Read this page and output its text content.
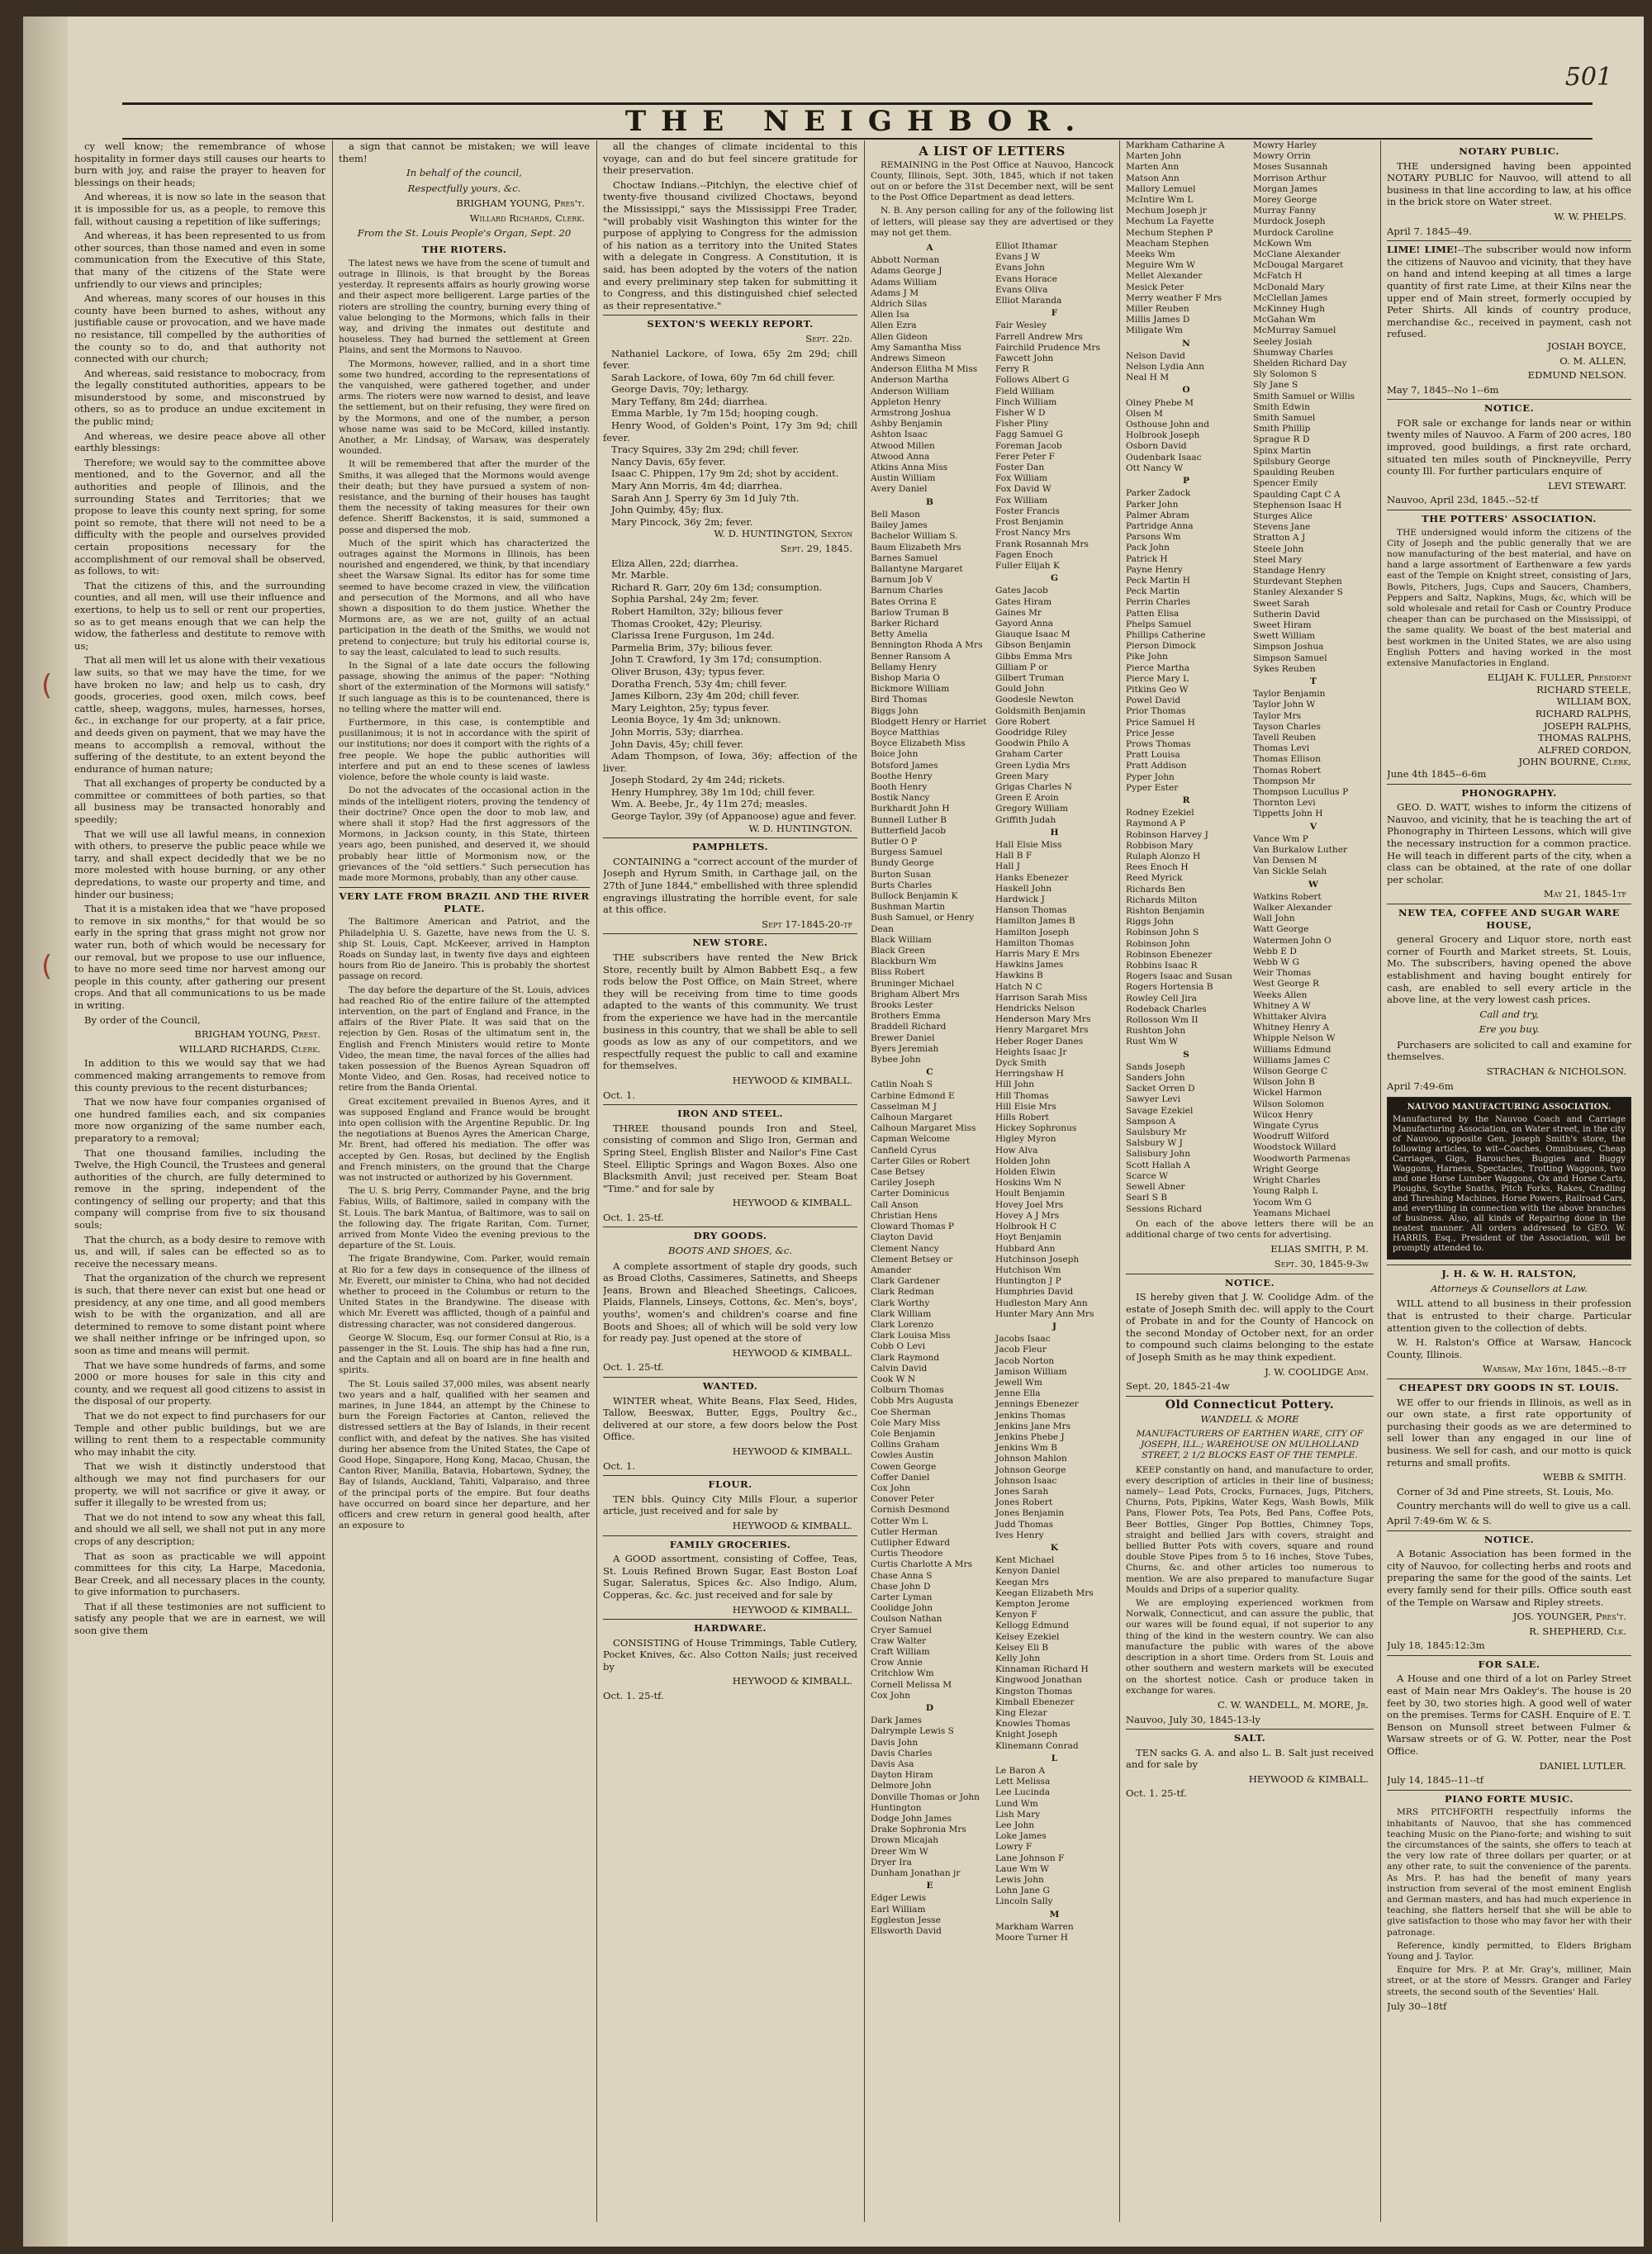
501
THE NEIGHBOR.
(
(

cy well know; the remembrance of whose hospitality in former days still causes our hearts to burn with joy, and raise the prayer to heaven for blessings on their heads;

And whereas, it is now so late in the season that it is impossible for us, as a people, to remove this fall, without causing a repetition of like sufferings;

And whereas, it has been represented to us from other sources, than those named and even in some communication from the Executive of this State, that many of the citizens of the State were unfriendly to our views and principles;

And whereas, many scores of our houses in this county have been burned to ashes, without any justifiable cause or provocation, and we have made no resistance, till compelled by the authorities of the county so to do, and that authority not connected with our church;

And whereas, said resistance to mobocracy, from the legally constituted authorities, appears to be misunderstood by some, and misconstrued by others, so as to produce an undue excitement in the public mind;

And whereas, we desire peace above all other earthly blessings:

Therefore; we would say to the committee above mentioned, and to the Governor, and all the authorities and people of Illinois, and the surrounding States and Territories; that we propose to leave this county next spring, for some point so remote, that there will not need to be a difficulty with the people and ourselves provided certain propositions necessary for the accomplishment of our removal shall be observed, as follows, to wit:

That the citizens of this, and the surrounding counties, and all men, will use their influence and exertions, to help us to sell or rent our properties, so as to get means enough that we can help the widow, the fatherless and destitute to remove with us;

That all men will let us alone with their vexatious law suits, so that we may have the time, for we have broken no law; and help us to cash, dry goods, groceries, good oxen, milch cows, beef cattle, sheep, waggons, mules, harnesses, horses, &c., in exchange for our property, at a fair price, and deeds given on payment, that we may have the means to accomplish a removal, without the suffering of the destitute, to an extent beyond the endurance of human nature;

That all exchanges of property be conducted by a committee or committees of both parties, so that all business may be transacted honorably and speedily;

That we will use all lawful means, in connexion with others, to preserve the public peace while we tarry, and shall expect decidedly that we be no more molested with house burning, or any other depredations, to waste our property and time, and hinder our business;

That it is a mistaken idea that we "have proposed to remove in six months," for that would be so early in the spring that grass might not grow nor water run, both of which would be necessary for our removal, but we propose to use our influence, to have no more seed time nor harvest among our people in this county, after gathering our present crops. And that all communications to us be made in writing.

By order of the Council,

BRIGHAM YOUNG, Prest.
WILLARD RICHARDS, Clerk.

In addition to this we would say that we had commenced making arrangements to remove from this county previous to the recent disturbances;

That we now have four companies organised of one hundred families each, and six companies more now organizing of the same number each, preparatory to a removal;

That one thousand families, including the Twelve, the High Council, the Trustees and general authorities of the church, are fully determined to remove in the spring, independent of the contingency of selling our property; and that this company will comprise from five to six thousand souls;

That the church, as a body desire to remove with us, and will, if sales can be effected so as to receive the necessary means.

That the organization of the church we represent is such, that there never can exist but one head or presidency, at any one time, and all good members wish to be with the organization, and all are determined to remove to some distant point where we shall neither infringe or be infringed upon, so soon as time and means will permit.

That we have some hundreds of farms, and some 2000 or more houses for sale in this city and county, and we request all good citizens to assist in the disposal of our property.

That we do not expect to find purchasers for our Temple and other public buildings, but we are willing to rent them to a respectable community who may inhabit the city.

That we wish it distinctly understood that although we may not find purchasers for our property, we will not sacrifice or give it away, or suffer it illegally to be wrested from us;

That we do not intend to sow any wheat this fall, and should we all sell, we shall not put in any more crops of any description;

That as soon as practicable we will appoint committees for this city, La Harpe, Macedonia, Bear Creek, and all necessary places in the county, to give information to purchasers.

That if all these testimonies are not sufficient to satisfy any people that we are in earnest, we will soon give them

a sign that cannot be mistaken; we will leave them!

In behalf of the council,
Respectfully yours, &c.
BRIGHAM YOUNG, Pres't.
Willard Richards, Clerk.
From the St. Louis People's Organ, Sept. 20
THE RIOTERS.

The latest news we have from the scene of tumult and outrage in Illinois, is that brought by the Boreas yesterday. It represents affairs as hourly growing worse and their aspect more belligerent. Large parties of the rioters are strolling the country, burning every thing of value belonging to the Mormons, which falls in their way, and driving the inmates out destitute and houseless. They had burned the settlement at Green Plains, and sent the Mormons to Nauvoo.

The Mormons, however, rallied, and in a short time some two hundred, according to the representations of the vanquished, were gathered together, and under arms. The rioters were now warned to desist, and leave the settlement, but on their refusing, they were fired on by the Mormons, and one of the number, a person whose name was said to be McCord, killed instantly. Another, a Mr. Lindsay, of Warsaw, was desperately wounded.

It will be remembered that after the murder of the Smiths, it was alleged that the Mormons would avenge their death; but they have pursued a system of non-resistance, and the burning of their houses has taught them the necessity of taking measures for their own defence. Sheriff Backenstos, it is said, summoned a posse and dispersed the mob.

Much of the spirit which has characterized the outrages against the Mormons in Illinois, has been nourished and engendered, we think, by that incendiary sheet the Warsaw Signal. Its editor has for some time seemed to have become crazed in view, the vilification and persecution of the Mormons, and all who have shown a disposition to do them justice. Whether the Mormons are, as we are not, guilty of an actual participation in the death of the Smiths, we would not pretend to conjecture; but truly his editorial course is, to say the least, calculated to lead to such results.

In the Signal of a late date occurs the following passage, showing the animus of the paper: "Nothing short of the extermination of the Mormons will satisfy." If such language as this is to be countenanced, there is no telling where the matter will end.

Furthermore, in this case, is contemptible and pusillanimous; it is not in accordance with the spirit of our institutions; nor does it comport with the rights of a free people. We hope the public authorities will interfere and put an end to these scenes of lawless violence, before the whole county is laid waste.

Do not the advocates of the occasional action in the minds of the intelligent rioters, proving the tendency of their doctrine? Once open the door to mob law, and where shall it stop? Had the first aggressors of the Mormons, in Jackson county, in this State, thirteen years ago, been punished, and deserved it, we should probably hear little of Mormonism now, or the grievances of the "old settlers." Such persecution has made more Mormons, probably, than any other cause.

VERY LATE FROM BRAZIL AND THE RIVER PLATE.

The Baltimore American and Patriot, and the Philadelphia U. S. Gazette, have news from the U. S. ship St. Louis, Capt. McKeever, arrived in Hampton Roads on Sunday last, in twenty five days and eighteen hours from Rio de Janeiro. This is probably the shortest passage on record.

The day before the departure of the St. Louis, advices had reached Rio of the entire failure of the attempted intervention, on the part of England and France, in the affairs of the River Plate. It was said that on the rejection by Gen. Rosas of the ultimatum sent in, the English and French Ministers would retire to Monte Video, the mean time, the naval forces of the allies had taken possession of the Buenos Ayrean Squadron off Monte Video, and Gen. Rosas, had received notice to retire from the Banda Oriental.

Great excitement prevailed in Buenos Ayres, and it was supposed England and France would be brought into open collision with the Argentine Republic. Dr. Ing the negotiations at Buenos Ayres the American Charge, Mr. Brent, had offered his mediation. The offer was accepted by Gen. Rosas, but declined by the English and French ministers, on the ground that the Charge was not instructed or authorized by his Government.

The U. S. brig Perry, Commander Payne, and the brig Fabius, Wills, of Baltimore, sailed in company with the St. Louis. The bark Mantua, of Baltimore, was to sail on the following day. The frigate Raritan, Com. Turner, arrived from Monte Video the evening previous to the departure of the St. Louis.

The frigate Brandywine, Com. Parker, would remain at Rio for a few days in consequence of the illness of Mr. Everett, our minister to China, who had not decided whether to proceed in the Columbus or return to the United States in the Brandywine. The disease with which Mr. Everett was afflicted, though of a painful and distressing character, was not considered dangerous.

George W. Slocum, Esq. our former Consul at Rio, is a passenger in the St. Louis. The ship has had a fine run, and the Captain and all on board are in fine health and spirits.

The St. Louis sailed 37,000 miles, was absent nearly two years and a half, qualified with her seamen and marines, in June 1844, an attempt by the Chinese to burn the Foreign Factories at Canton, relieved the distressed settlers at the Bay of Islands, in their recent conflict with, and defeat by the natives. She has visited during her absence from the United States, the Cape of Good Hope, Singapore, Hong Kong, Macao, Chusan, the Canton River, Manilla, Batavia, Hobartown, Sydney, the Bay of Islands, Auckland, Tahiti, Valparaiso, and three of the principal ports of the empire. But four deaths have occurred on board since her departure, and her officers and crew return in general good health, after an exposure to

all the changes of climate incidental to this voyage, can and do but feel sincere gratitude for their preservation.

Choctaw Indians.--Pitchlyn, the elective chief of twenty-five thousand civilized Choctaws, beyond the Mississippi," says the Mississippi Free Trader, "will probably visit Washington this winter for the purpose of applying to Congress for the admission of his nation as a territory into the United States with a delegate in Congress. A Constitution, it is said, has been adopted by the voters of the nation and every preliminary step taken for submitting it to Congress, and this distinguished chief selected as their representative."

SEXTON'S WEEKLY REPORT.
Sept. 22d.
Nathaniel Lackore, of Iowa, 65y 2m 29d; chill fever.
Sarah Lackore, of Iowa, 60y 7m 6d chill fever.
George Davis, 70y; lethargy.
Mary Teffany, 8m 24d; diarrhea.
Emma Marble, 1y 7m 15d; hooping cough.
Henry Wood, of Golden's Point, 17y 3m 9d; chill fever.
Tracy Squires, 33y 2m 29d; chill fever.
Nancy Davis, 65y fever.
Isaac C. Phippen, 17y 9m 2d; shot by accident.
Mary Ann Morris, 4m 4d; diarrhea.
Sarah Ann J. Sperry 6y 3m 1d July 7th.
John Quimby, 45y; flux.
Mary Pincock, 36y 2m; fever.
W. D. HUNTINGTON, Sexton
Sept. 29, 1845.
Eliza Allen, 22d; diarrhea.
Mr. Marble.
Richard R. Garr, 20y 6m 13d; consumption.
Sophia Parshal, 24y 2m; fever.
Robert Hamilton, 32y; bilious fever
Thomas Crooket, 42y; Pleurisy.
Clarissa Irene Furguson, 1m 24d.
Parmelia Brim, 37y; bilious fever.
John T. Crawford, 1y 3m 17d; consumption.
Oliver Bruson, 43y; typus fever.
Doratha French, 53y 4m; chill fever.
James Kilborn, 23y 4m 20d; chill fever.
Mary Leighton, 25y; typus fever.
Leonia Boyce, 1y 4m 3d; unknown.
John Morris, 53y; diarrhea.
John Davis, 45y; chill fever.
Adam Thompson, of Iowa, 36y; affection of the liver.
Joseph Stodard, 2y 4m 24d; rickets.
Henry Humphrey, 38y 1m 10d; chill fever.
Wm. A. Beebe, Jr., 4y 11m 27d; measles.
George Taylor, 39y (of Appanoose) ague and fever.
W. D. HUNTINGTON.
PAMPHLETS.

CONTAINING a "correct account of the murder of Joseph and Hyrum Smith, in Carthage jail, on the 27th of June 1844," embellished with three splendid engravings illustrating the horrible event, for sale at this office.

Sept 17-1845-20-tf
NEW STORE.

THE subscribers have rented the New Brick Store, recently built by Almon Babbett Esq., a few rods below the Post Office, on Main Street, where they will be receiving from time to time goods adapted to the wants of this community. We trust from the experience we have had in the mercantile business in this country, that we shall be able to sell goods as low as any of our competitors, and we respectfully request the public to call and examine for themselves.

HEYWOOD & KIMBALL.
Oct. 1.
IRON AND STEEL.

THREE thousand pounds Iron and Steel, consisting of common and Sligo Iron, German and Spring Steel, English Blister and Nailor's Fine Cast Steel. Elliptic Springs and Wagon Boxes. Also one Blacksmith Anvil; just received per. Steam Boat "Time." and for sale by

HEYWOOD & KIMBALL.
Oct. 1. 25-tf.
DRY GOODS.
BOOTS AND SHOES, &c.

A complete assortment of staple dry goods, such as Broad Cloths, Cassimeres, Satinetts, and Sheeps Jeans, Brown and Bleached Sheetings, Calicoes, Plaids, Flannels, Linseys, Cottons, &c. Men's, boys', youths', women's and children's coarse and fine Boots and Shoes; all of which will be sold very low for ready pay. Just opened at the store of

HEYWOOD & KIMBALL.
Oct. 1. 25-tf.
WANTED.

WINTER wheat, White Beans, Flax Seed, Hides, Tallow, Beeswax, Butter, Eggs, Poultry &c., delivered at our store, a few doors below the Post Office.

HEYWOOD & KIMBALL.
Oct. 1.
FLOUR.

TEN bbls. Quincy City Mills Flour, a superior article, just received and for sale by

HEYWOOD & KIMBALL.
FAMILY GROCERIES.

A GOOD assortment, consisting of Coffee, Teas, St. Louis Refined Brown Sugar, East Boston Loaf Sugar, Saleratus, Spices &c. Also Indigo, Alum, Copperas, &c. &c. just received and for sale by

HEYWOOD & KIMBALL.
HARDWARE.

CONSISTING of House Trimmings, Table Cutlery, Pocket Knives, &c. Also Cotton Nails; just received by

HEYWOOD & KIMBALL.
Oct. 1. 25-tf.
A LIST OF LETTERS

REMAINING in the Post Office at Nauvoo, Hancock County, Illinois, Sept. 30th, 1845, which if not taken out on or before the 31st December next, will be sent to the Post Office Department as dead letters.

N. B. Any person calling for any of the following list of letters, will please say they are advertised or they may not get them.

A
Abbott Norman
Adams George J
Adams William
Adams J M
Aldrich Silas
Allen Isa
Allen Ezra
Allen Gideon
Amy Samantha Miss
Andrews Simeon
Anderson Elitha M Miss
Anderson Martha
Anderson William
Appleton Henry
Armstrong Joshua
Ashby Benjamin
Ashton Isaac
Atwood Millen
Atwood Anna
Atkins Anna Miss
Austin William
Avery Daniel
B
Bell Mason
Bailey James
Bachelor William S.
Baum Elizabeth Mrs
Barnes Samuel
Ballantyne Margaret
Barnum Job V
Barnum Charles
Bates Orrina E
Barlow Truman B
Barker Richard
Betty Amelia
Bennington Rhoda A Mrs
Benner Ransom A
Bellamy Henry
Bishop Maria O
Bickmore William
Bird Thomas
Biggs John
Blodgett Henry or Harriet
Boyce Matthias
Boyce Elizabeth Miss
Boice John
Botsford James
Boothe Henry
Booth Henry
Bostik Nancy
Burkhardt John H
Bunnell Luther B
Butterfield Jacob
Butler O P
Burgess Samuel
Bundy George
Burton Susan
Burts Charles
Bullock Benjamin K
Bushman Martin
Bush Samuel, or Henry
Dean
Black William
Black Green
Blackburn Wm
Bliss Robert
Bruninger Michael
Brigham Albert Mrs
Brooks Lester
Brothers Emma
Braddell Richard
Brewer Daniel
Byers Jeremiah
Bybee John
C
Catlin Noah S
Carbine Edmond E
Casselman M J
Calhoun Margaret
Calhoun Margaret Miss
Capman Welcome
Canfield Cyrus
Carter Giles or Robert
Case Betsey
Cariley Joseph
Carter Dominicus
Call Anson
Christian Hens
Cloward Thomas P
Clayton David
Clement Nancy
Clement Betsey or Amander
Clark Gardener
Clark Redman
Clark Worthy
Clark William
Clark Lorenzo
Clark Louisa Miss
Cobb O Levi
Clark Raymond
Calvin David
Cook W N
Colburn Thomas
Cobb Mrs Augusta
Coe Sherman
Cole Mary Miss
Cole Benjamin
Collins Graham
Cowles Austin
Cowen George
Coffer Daniel
Cox John
Conover Peter
Cornish Desmond
Cotter Wm L
Cutler Herman
Cutlipher Edward
Curtis Theodore
Curtis Charlotte A Mrs
Chase Anna S
Chase John D
Carter Lyman
Coolidge John
Coulson Nathan
Cryer Samuel
Craw Walter
Craft William
Crow Annie
Critchlow Wm
Cornell Melissa M
Cox John
D
Dark James
Dalrymple Lewis S
Davis John
Davis Charles
Davis Asa
Dayton Hiram
Delmore John
Donville Thomas or John Huntington
Dodge John James
Drake Sophronia Mrs
Drown Micajah
Dreer Wm W
Dryer Ira
Dunham Jonathan jr
E
Edger Lewis
Earl William
Eggleston Jesse
Ellsworth David
Elliot Ithamar
Evans J W
Evans John
Evans Horace
Evans Oliva
Elliot Maranda
F
Fair Wesley
Farrell Andrew Mrs
Fairchild Prudence Mrs
Fawcett John
Ferry R
Follows Albert G
Field William
Finch William
Fisher W D
Fisher Pliny
Fagg Samuel G
Foreman Jacob
Ferer Peter F
Foster Dan
Fox William
Fox David W
Fox William
Foster Francis
Frost Benjamin
Frost Nancy Mrs
Frank Rosannah Mrs
Fagen Enoch
Fuller Elijah K
G
Gates Jacob
Gates Hiram
Gaines Mr
Gayord Anna
Giauque Isaac M
Gibson Benjamin
Gibbs Emma Mrs
Gilliam P or
Gilbert Truman
Gould John
Goodesle Newton
Goldsmith Benjamin
Gore Robert
Goodridge Riley
Goodwin Philo A
Graham Carter
Green Lydia Mrs
Green Mary
Grigas Charles N
Green E Aroin
Gregory William
Griffith Judah
H
Hall Elsie Miss
Hall B F
Hall J
Hanks Ebenezer
Haskell John
Hardwick J
Hanson Thomas
Hamilton James B
Hamilton Joseph
Hamilton Thomas
Harris Mary E Mrs
Hawkins James
Hawkins B
Hatch N C
Harrison Sarah Miss
Hendricks Nelson
Henderson Mary Mrs
Henry Margaret Mrs
Heber Roger Danes
Heights Isaac Jr
Dyck Smith
Herringshaw H
Hill John
Hill Thomas
Hill Elsie Mrs
Hills Robert
Hickey Sophronus
Higley Myron
How Alva
Holden John
Holden Elwin
Hoskins Wm N
Hoult Benjamin
Hovey Joel Mrs
Hovey A J Mrs
Holbrook H C
Hoyt Benjamin
Hubbard Ann
Hutchinson Joseph
Hutchison Wm
Huntington J P
Humphries David
Hudleston Mary Ann
Hunter Mary Ann Mrs
J
Jacobs Isaac
Jacob Fleur
Jacob Norton
Jamison William
Jewell Wm
Jenne Ella
Jennings Ebenezer
Jenkins Thomas
Jenkins Jane Mrs
Jenkins Phebe J
Jenkins Wm B
Johnson Mahlon
Johnson George
Johnson Isaac
Jones Sarah
Jones Robert
Jones Benjamin
Judd Thomas
Ives Henry
K
Kent Michael
Kenyon Daniel
Keegan Mrs
Keegan Elizabeth Mrs
Kempton Jerome
Kenyon F
Kellogg Edmund
Kelsey Ezekiel
Kelsey Eli B
Kelly John
Kinnaman Richard H
Kingwood Jonathan
Kingston Thomas
Kimball Ebenezer
King Elezar
Knowles Thomas
Knight Joseph
Klinemann Conrad
L
Le Baron A
Lett Melissa
Lee Lucinda
Lund Wm
Lish Mary
Lee John
Loke James
Lowry F
Lane Johnson F
Laue Wm W
Lewis John
Lohn Jane G
Lincoln Sally
M
Markham Warren
Moore Turner H
Markham Catharine A
Marten John
Marten Ann
Matson Ann
Mallory Lemuel
McIntire Wm L
Mechum Joseph jr
Mechum La Fayette
Mechum Stephen P
Meacham Stephen
Meeks Wm
Meguire Wm W
Mellet Alexander
Mesick Peter
Merry weather F Mrs
Miller Reuben
Millis James D
Miligate Wm
Mowry Harley
Mowry Orrin
Moses Susannah
Morrison Arthur
Morgan James
Morey George
Murray Fanny
Murdock Joseph
Murdock Caroline
McKown Wm
McClane Alexander
McDougal Margaret
McFatch H
McDonald Mary
McClellan James
McKinney Hugh
McGahan Wm
McMurray Samuel
N
Nelson David
Nelson Lydia Ann
Neal H M
O
Olney Phebe M
Olsen M
Osthouse John and Holbrook Joseph
Osborn David
Oudenbark Isaac
Ott Nancy W
P
Parker Zadock
Parker John
Palmer Abram
Partridge Anna
Parsons Wm
Pack John
Patrick H
Payne Henry
Peck Martin H
Peck Martin
Perrin Charles
Patten Elisa
Phelps Samuel
Phillips Catherine
Pierson Dimock
Pike John
Pierce Martha
Pierce Mary L
Pitkins Geo W
Powel David
Prior Thomas
Price Samuel H
Price Jesse
Prows Thomas
Pratt Louisa
Pratt Addison
Pyper John
Pyper Ester
R
Rodney Ezekiel
Raymond A P
Robinson Harvey J
Robbison Mary
Rulaph Alonzo H
Rees Enoch H
Reed Myrick
Richards Ben
Richards Milton
Rishton Benjamin
Riggs John
Robinson John S
Robinson John
Robinson Ebenezer
Robbins Isaac R
Rogers Isaac and Susan
Rogers Hortensia B
Rowley Cell Jira
Rodeback Charles
Rollosson Wm II
Rushton John
Rust Wm W
S
Sands Joseph
Sanders John
Sacket Orren D
Sawyer Levi
Savage Ezekiel
Sampson A
Saulsbury Mr
Salsbury W J
Salisbury John
Scott Hallah A
Scarce W
Sewell Abner
Searl S B
Sessions Richard
Seeley Josiah
Shumway Charles
Shelden Richard Day
Sly Solomon S
Sly Jane S
Smith Samuel or Willis
Smith Edwin
Smith Samuel
Smith Phillip
Sprague R D
Spinx Martin
Spilsbury George
Spaulding Reuben
Spencer Emily
Spaulding Capt C A
Stephenson Isaac H
Sturges Alice
Stevens Jane
Stratton A J
Steele John
Steel Mary
Standage Henry
Sturdevant Stephen
Stanley Alexander S
Sweet Sarah
Sutherin David
Sweet Hiram
Swett William
Simpson Joshua
Simpson Samuel
Sykes Reuben
T
Taylor Benjamin
Taylor John W
Taylor Mrs
Tayson Charles
Tavell Reuben
Thomas Levi
Thomas Ellison
Thomas Robert
Thompson Mr
Thompson Lucullus P
Thornton Levi
Tippetts John H
V
Vance Wm P
Van Burkalow Luther
Van Densen M
Van Sickle Selah
W
Watkins Robert
Walker Alexander
Wall John
Watt George
Watermen John O
Webb E D
Webb W G
Weir Thomas
West George R
Weeks Allen
Whitney A W
Whittaker Alvira
Whitney Henry A
Whipple Nelson W
Williams Edmund
Williams James C
Wilson George C
Wilson John B
Wickel Harmon
Wilson Solomon
Wilcox Henry
Wingate Cyrus
Woodruff Wilford
Woodstock Willard
Woodworth Parmenas
Wright George
Wright Charles
Young Ralph L
Yocom Wm G
Yeamans Michael

On each of the above letters there will be an additional charge of two cents for advertising.

ELIAS SMITH, P. M.
Sept. 30, 1845-9-3w
NOTICE.

IS hereby given that J. W. Coolidge Adm. of the estate of Joseph Smith dec. will apply to the Court of Probate in and for the County of Hancock on the second Monday of October next, for an order to compound such claims belonging to the estate of Joseph Smith as he may think expedient.

J. W. COOLIDGE Adm.
Sept. 20, 1845-21-4w
Old Connecticut Pottery.
WANDELL & MORE
MANUFACTURERS OF EARTHEN WARE, CITY OF JOSEPH, ILL.; WAREHOUSE ON MULHOLLAND STREET, 2 1/2 BLOCKS EAST OF THE TEMPLE.

KEEP constantly on hand, and manufacture to order, every description of articles in their line of business; namely-- Lead Pots, Crocks, Furnaces, Jugs, Pitchers, Churns, Pots, Pipkins, Water Kegs, Wash Bowls, Milk Pans, Flower Pots, Tea Pots, Bed Pans, Coffee Pots, Beer Bottles, Ginger Pop Bottles, Chimney Tops, straight and bellied Jars with covers, straight and bellied Butter Pots with covers, square and round double Stove Pipes from 5 to 16 inches, Stove Tubes, Churns, &c. and other articles too numerous to mention. We are also prepared to manufacture Sugar Moulds and Drips of a superior quality.

We are employing experienced workmen from Norwalk, Connecticut, and can assure the public, that our wares will be found equal, if not superior to any thing of the kind in the western country. We can also manufacture the public with wares of the above description in a short time. Orders from St. Louis and other southern and western markets will be executed on the shortest notice. Cash or produce taken in exchange for wares.

C. W. WANDELL, M. MORE, Jr.
Nauvoo, July 30, 1845-13-ly
SALT.

TEN sacks G. A. and also L. B. Salt just received and for sale by

HEYWOOD & KIMBALL.
Oct. 1. 25-tf.
NOTARY PUBLIC.

THE undersigned having been appointed NOTARY PUBLIC for Nauvoo, will attend to all business in that line according to law, at his office in the brick store on Water street.

W. W. PHELPS.
April 7. 1845--49.
LIME! LIME!--The subscriber would now inform the citizens of Nauvoo and vicinity, that they have on hand and intend keeping at all times a large quantity of first rate Lime, at their Kilns near the upper end of Main street, formerly occupied by Peter Shirts. All kinds of country produce, merchandise &c., received in payment, cash not refused.
JOSIAH BOYCE,
O. M. ALLEN,
EDMUND NELSON.
May 7, 1845--No 1--6m
NOTICE.

FOR sale or exchange for lands near or within twenty miles of Nauvoo. A Farm of 200 acres, 180 improved, good buildings, a first rate orchard, situated ten miles south of Pinckneyville, Perry county Ill. For further particulars enquire of

LEVI STEWART.
Nauvoo, April 23d, 1845.--52-tf
THE POTTERS' ASSOCIATION.

THE undersigned would inform the citizens of the City of Joseph and the public generally that we are now manufacturing of the best material, and have on hand a large assortment of Earthenware a few yards east of the Temple on Knight street, consisting of Jars, Bowls, Pitchers, Jugs, Cups and Saucers, Chambers, Peppers and Saltz, Napkins, Mugs, &c, which will be sold wholesale and retail for Cash or Country Produce cheaper than can be purchased on the Mississippi, of the same quality. We boast of the best material and best workmen in the United States, we are also using English Potters and having worked in the most extensive Manufactories in England.

ELIJAH K. FULLER, President
RICHARD STEELE,
WILLIAM BOX,
RICHARD RALPHS,
JOSEPH RALPHS,
THOMAS RALPHS,
ALFRED CORDON,
JOHN BOURNE, Clerk,
June 4th 1845--6-6m
PHONOGRAPHY.

GEO. D. WATT, wishes to inform the citizens of Nauvoo, and vicinity, that he is teaching the art of Phonography in Thirteen Lessons, which will give the necessary instruction for a common practice. He will teach in different parts of the city, when a class can be obtained, at the rate of one dollar per scholar.

May 21, 1845-1tf
NEW TEA, COFFEE AND SUGAR WARE HOUSE,

general Grocery and Liquor store, north east corner of Fourth and Market streets, St. Louis, Mo. The subscribers, having opened the above establishment and having bought entirely for cash, are enabled to sell every article in the above line, at the very lowest cash prices.

Call and try,
Ere you buy.

Purchasers are solicited to call and examine for themselves.

STRACHAN & NICHOLSON.
April 7:49-6m
NAUVOO MANUFACTURING ASSOCIATION.
Manufactured by the Nauvoo Coach and Carriage Manufacturing Association, on Water street, in the city of Nauvoo, opposite Gen. Joseph Smith's store, the following articles, to wit--Coaches, Omnibuses, Cheap Carriages, Gigs, Barouches, Buggies and Buggy Waggons, Harness, Spectacles, Trotting Waggons, two and one Horse Lumber Waggons, Ox and Horse Carts, Ploughs, Scythe Snaths, Pitch Forks, Rakes, Cradling and Threshing Machines, Horse Powers, Railroad Cars, and everything in connection with the above branches of business. Also, all kinds of Repairing done in the neatest manner. All orders addressed to GEO. W. HARRIS, Esq., President of the Association, will be promptly attended to.
J. H. & W. H. RALSTON,
Attorneys & Counsellors at Law.

WILL attend to all business in their profession that is entrusted to their charge. Particular attention given to the collection of debts.

W. H. Ralston's Office at Warsaw, Hancock County, Illinois.

Warsaw, May 16th, 1845.--8-tf
CHEAPEST DRY GOODS IN ST. LOUIS.

WE offer to our friends in Illinois, as well as in our own state, a first rate opportunity of purchasing their goods as we are determined to sell lower than any engaged in our line of business. We sell for cash, and our motto is quick returns and small profits.

WEBB & SMITH.

Corner of 3d and Pine streets, St. Louis, Mo.

Country merchants will do well to give us a call.

April 7:49-6m W. & S.
NOTICE.

A Botanic Association has been formed in the city of Nauvoo, for collecting herbs and roots and preparing the same for the good of the saints. Let every family send for their pills. Office south east of the Temple on Warsaw and Ripley streets.

JOS. YOUNGER, Pres't.
R. SHEPHERD, Clk.
July 18, 1845:12:3m
FOR SALE.

A House and one third of a lot on Parley Street east of Main near Mrs Oakley's. The house is 20 feet by 30, two stories high. A good well of water on the premises. Terms for CASH. Enquire of E. T. Benson on Munsoll street between Fulmer & Warsaw streets or of G. W. Potter, near the Post Office.

DANIEL LUTLER.
July 14, 1845--11--tf
PIANO FORTE MUSIC.

MRS PITCHFORTH respectfully informs the inhabitants of Nauvoo, that she has commenced teaching Music on the Piano-forte; and wishing to suit the circumstances of the saints, she offers to teach at the very low rate of three dollars per quarter, or at any other rate, to suit the convenience of the parents. As Mrs. P. has had the benefit of many years instruction from several of the most eminent English and German masters, and has had much experience in teaching, she flatters herself that she will be able to give satisfaction to those who may favor her with their patronage.

Reference, kindly permitted, to Elders Brigham Young and J. Taylor.

Enquire for Mrs. P. at Mr. Gray's, milliner, Main street, or at the store of Messrs. Granger and Farley streets, the second south of the Seventies' Hall.

July 30--18tf
